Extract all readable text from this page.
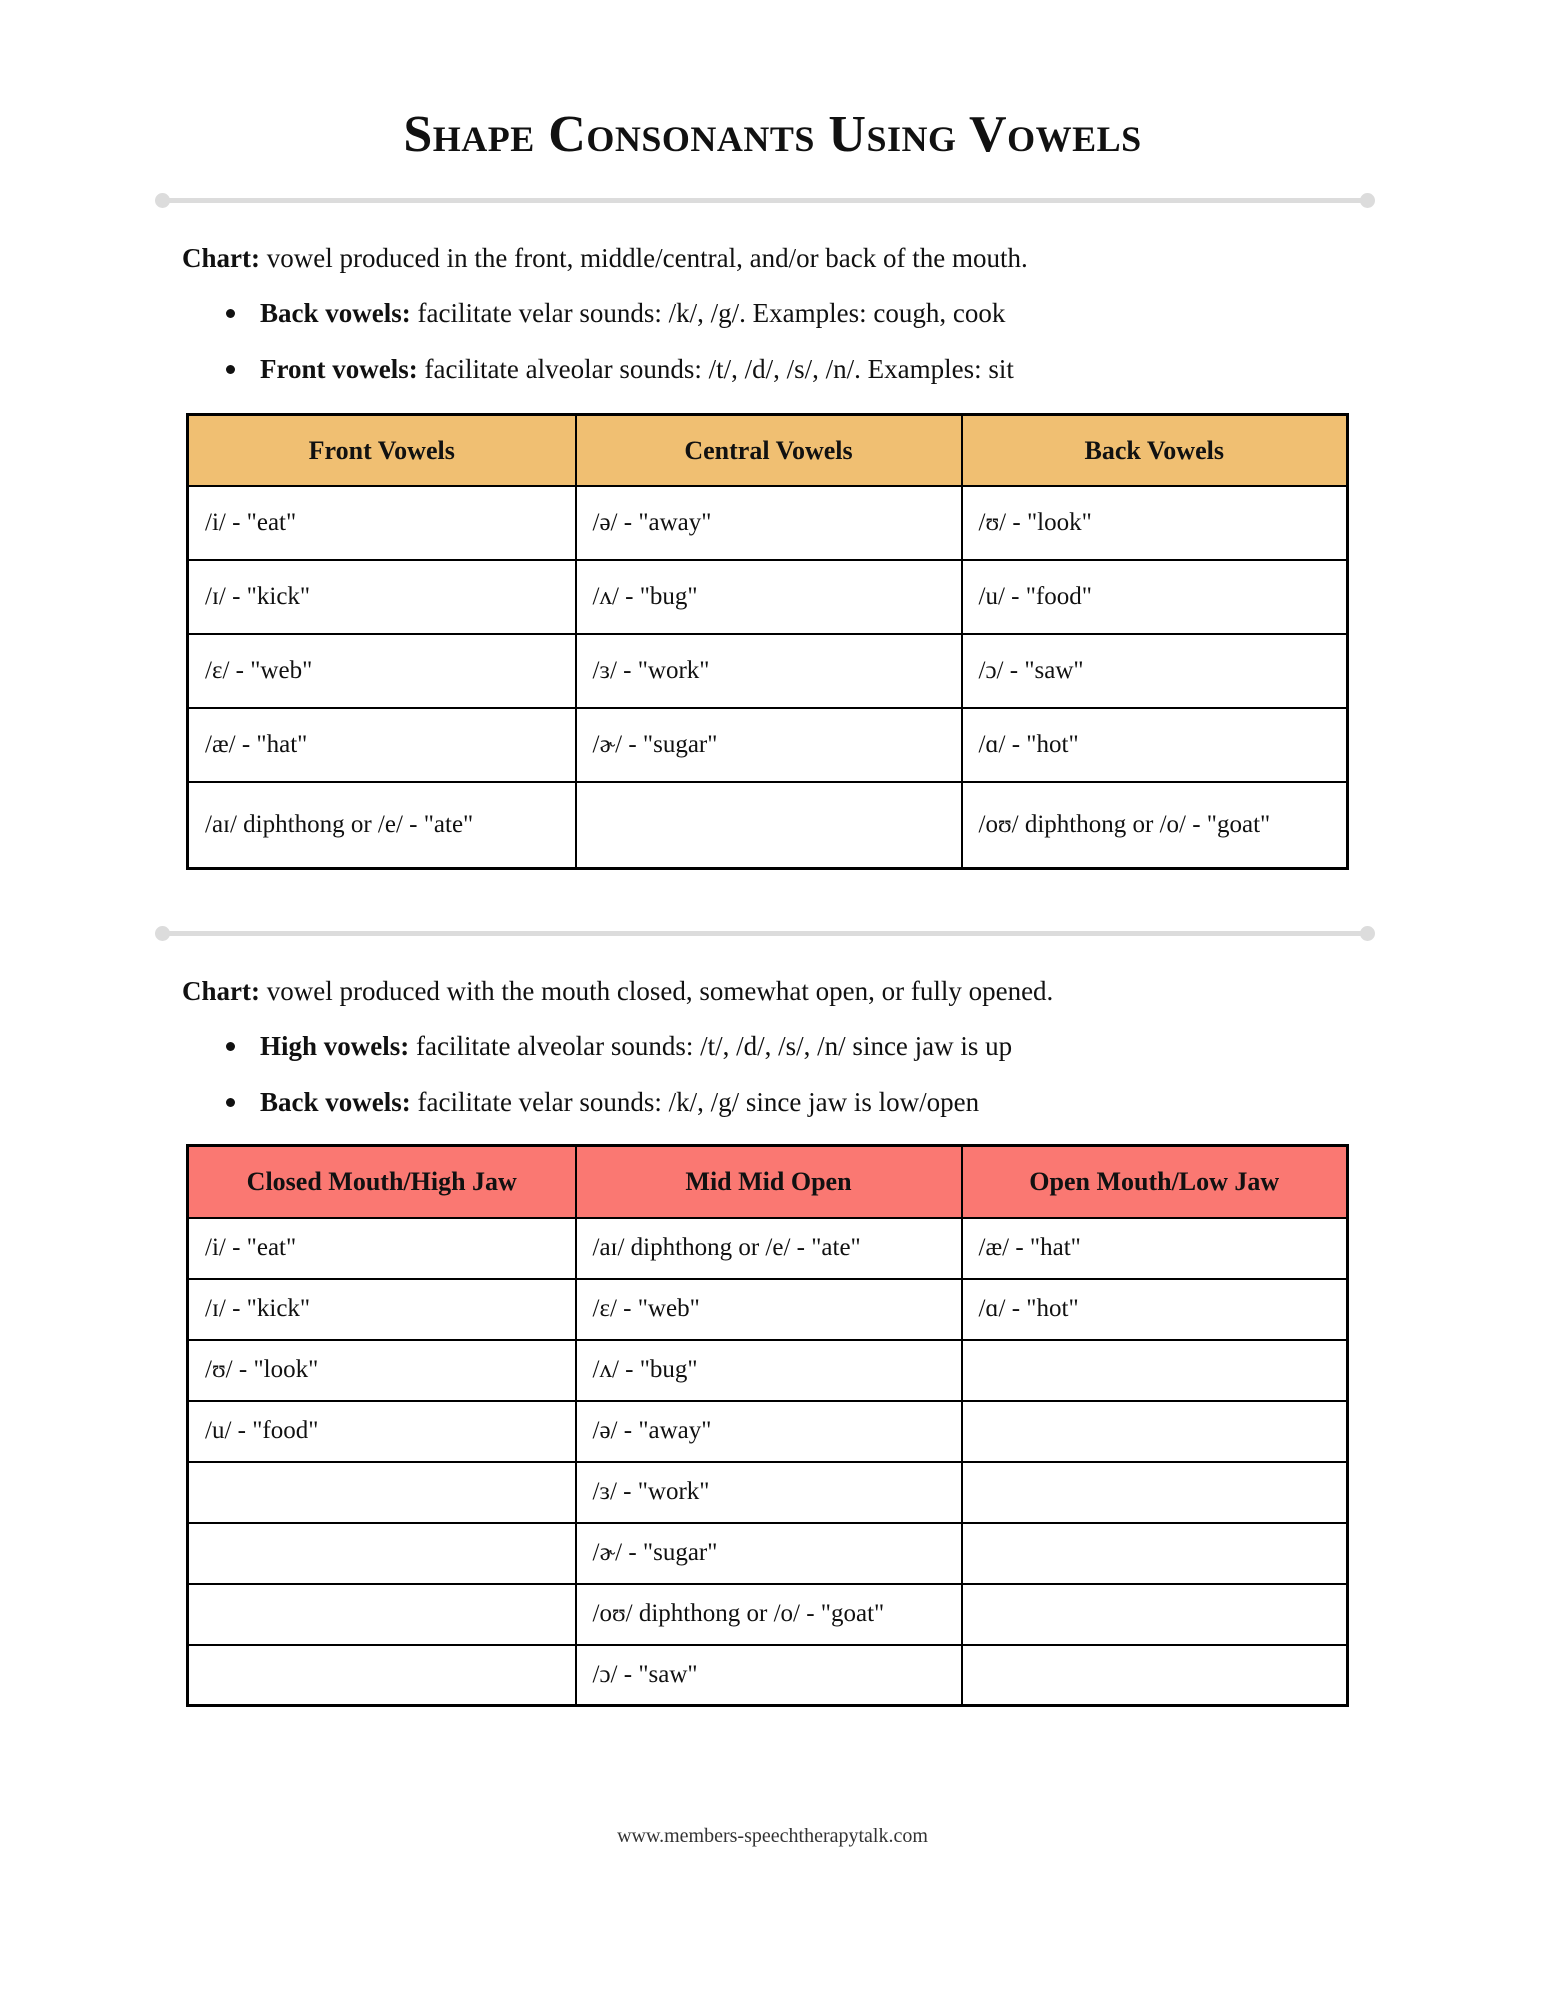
Shape Consonants Using Vowels

Chart: vowel produced in the front, middle/central, and/or back of the mouth.

Back vowels: facilitate velar sounds: /k/, /g/. Examples: cough, cook
Front vowels: facilitate alveolar sounds: /t/, /d/, /s/, /n/. Examples: sit
Front Vowels	Central Vowels	Back Vowels
/i/ - "eat"	/ə/ - "away"	/ʊ/ - "look"
/ɪ/ - "kick"	/ʌ/ - "bug"	/u/ - "food"
/ɛ/ - "web"	/ɜ/ - "work"	/ɔ/ - "saw"
/æ/ - "hat"	/ɚ/ - "sugar"	/ɑ/ - "hot"
/aɪ/ diphthong or /e/ - "ate"		/oʊ/ diphthong or /o/ - "goat"

Chart: vowel produced with the mouth closed, somewhat open, or fully opened.

High vowels: facilitate alveolar sounds: /t/, /d/, /s/, /n/ since jaw is up
Back vowels: facilitate velar sounds: /k/, /g/ since jaw is low/open
Closed Mouth/High Jaw	Mid Mid Open	Open Mouth/Low Jaw
/i/ - "eat"	/aɪ/ diphthong or /e/ - "ate"	/æ/ - "hat"
/ɪ/ - "kick"	/ɛ/ - "web"	/ɑ/ - "hot"
/ʊ/ - "look"	/ʌ/ - "bug"	
/u/ - "food"	/ə/ - "away"	
	/ɜ/ - "work"	
	/ɚ/ - "sugar"	
	/oʊ/ diphthong or /o/ - "goat"	
	/ɔ/ - "saw"	
www.members-speechtherapytalk.com
